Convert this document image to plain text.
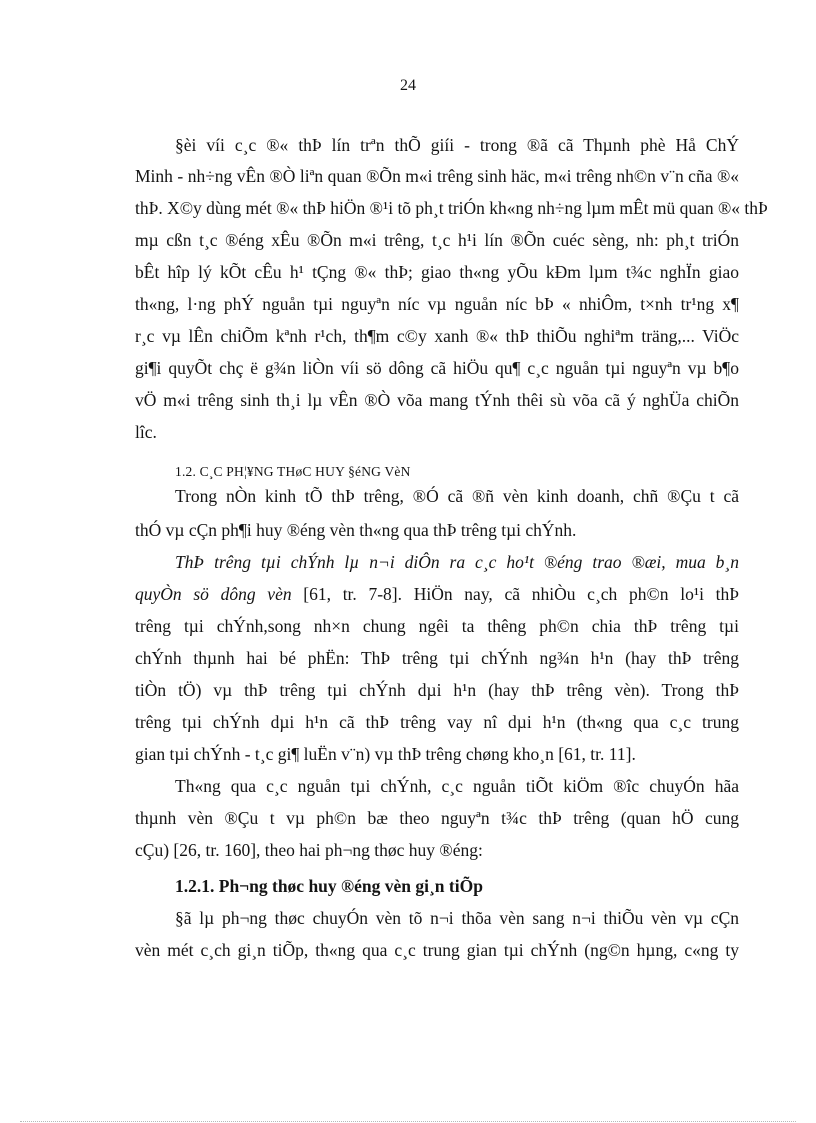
24
§èi víi c¸c ®« thÞ lín trªn thÕ giíi - trong ®ã cã Thµnh phè Hå ChÝ
Minh - nh÷ng vÊn ®Ò liªn quan ®Õn m«i trêng sinh häc, m«i trêng nh©n v¨n cña ®«
thÞ. X©y dùng mét ®« thÞ hiÖn ®¹i tõ ph¸t triÓn kh«ng nh÷ng lµm mÊt mü quan ®« thÞ
mµ cßn t¸c ®éng xÊu ®Õn m«i trêng, t¸c h¹i lín ®Õn cuéc sèng, nh: ph¸t triÓn
bÊt hîp lý kÕt cÊu h¹ tÇng ®« thÞ; giao th«ng yÕu kÐm lµm t¾c nghÏn giao
th«ng, l·ng phÝ nguån tµi nguyªn níc vµ nguån níc bÞ « nhiÔm, t×nh tr¹ng x¶
r¸c vµ lÊn chiÕm kªnh r¹ch, th¶m c©y xanh ®« thÞ thiÕu nghiªm träng,... ViÖc
gi¶i quyÕt chç ë g¾n liÒn víi sö dông cã hiÖu qu¶ c¸c nguån tµi nguyªn vµ b¶o
vÖ m«i trêng sinh th¸i lµ vÊn ®Ò võa mang tÝnh thêi sù võa cã ý nghÜa chiÕn
lîc.
1.2. C¸C PH¦¥NG THøC HUY §éNG VèN
Trong nÒn kinh tÕ thÞ trêng, ®Ó cã ®ñ vèn kinh doanh, chñ ®Çu t cã
thÓ vµ cÇn ph¶i huy ®éng vèn th«ng qua thÞ trêng tµi chÝnh.
ThÞ trêng tµi chÝnh lµ n¬i diÔn ra c¸c ho¹t ®éng trao ®æi, mua b¸n
quyÒn sö dông vèn [61, tr. 7-8]. HiÖn nay, cã nhiÒu c¸ch ph©n lo¹i thÞ
trêng tµi chÝnh,song nh×n chung ngêi ta thêng ph©n chia thÞ trêng tµi
chÝnh thµnh hai bé phËn: ThÞ trêng tµi chÝnh ng¾n h¹n (hay thÞ trêng
tiÒn tÖ) vµ thÞ trêng tµi chÝnh dµi h¹n (hay thÞ trêng vèn). Trong thÞ
trêng tµi chÝnh dµi h¹n cã thÞ trêng vay nî dµi h¹n (th«ng qua c¸c trung
gian tµi chÝnh - t¸c gi¶ luËn v¨n) vµ thÞ trêng chøng kho¸n [61, tr. 11].
Th«ng qua c¸c nguån tµi chÝnh, c¸c nguån tiÕt kiÖm ®îc chuyÓn hãa
thµnh vèn ®Çu t vµ ph©n bæ theo nguyªn t¾c thÞ trêng (quan hÖ cung
cÇu) [26, tr. 160], theo hai ph¬ng thøc huy ®éng:
1.2.1. Ph¬ng thøc huy ®éng vèn gi¸n tiÕp
§ã lµ ph¬ng thøc chuyÓn vèn tõ n¬i thõa vèn sang n¬i thiÕu vèn vµ cÇn
vèn mét c¸ch gi¸n tiÕp, th«ng qua c¸c trung gian tµi chÝnh (ng©n hµng, c«ng ty
